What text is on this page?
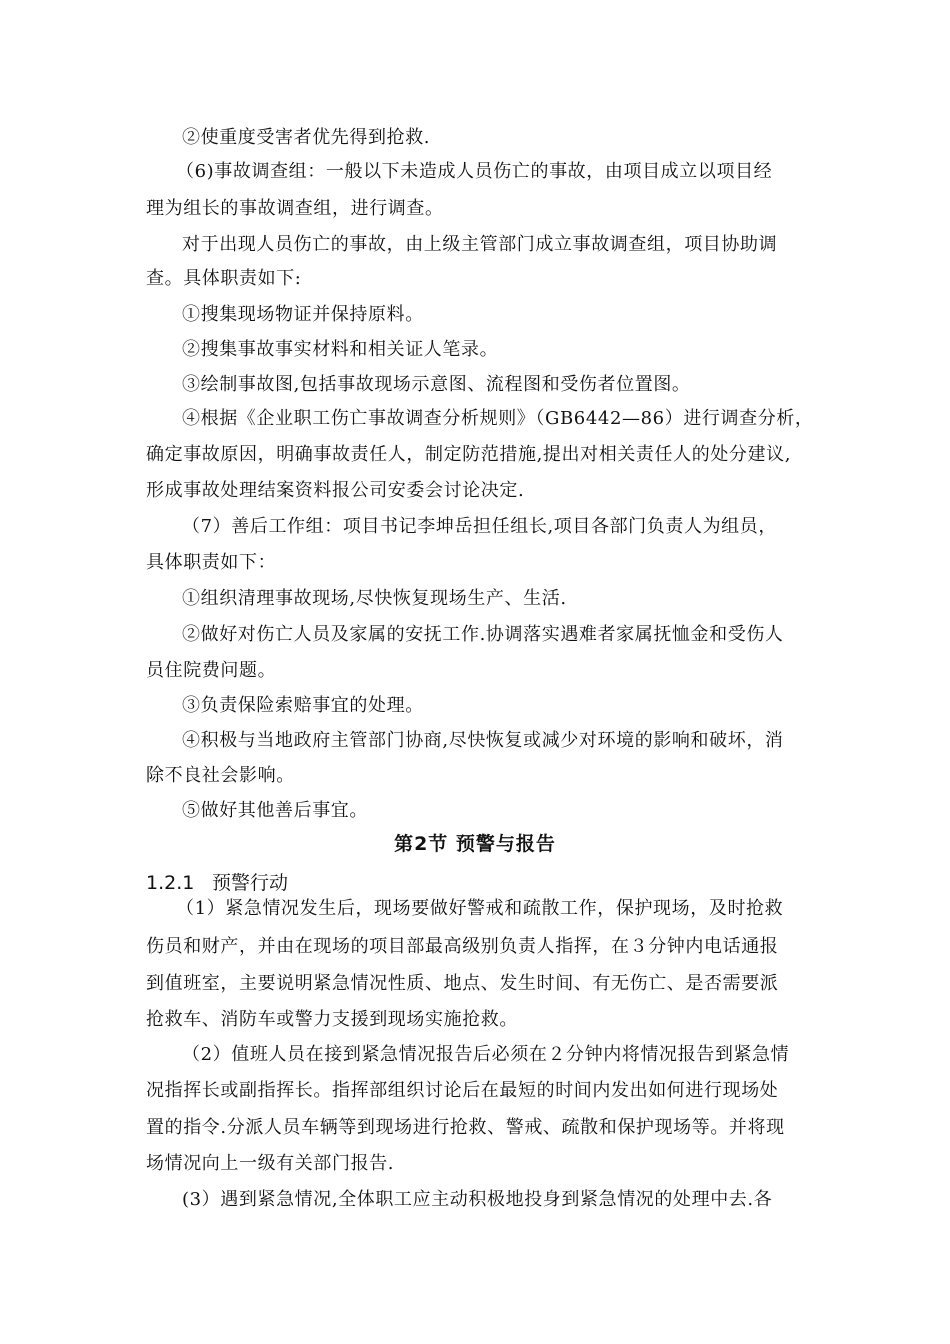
②使重度受害者优先得到抢救.
（6)事故调查组：一般以下未造成人员伤亡的事故，由项目成立以项目经
理为组长的事故调查组，进行调查。
对于出现人员伤亡的事故，由上级主管部门成立事故调查组，项目协助调
查。具体职责如下:
①搜集现场物证并保持原料。
②搜集事故事实材料和相关证人笔录。
③绘制事故图,包括事故现场示意图、流程图和受伤者位置图。
④根据《企业职工伤亡事故调查分析规则》（GB6442—86）进行调查分析，
确定事故原因，明确事故责任人，制定防范措施,提出对相关责任人的处分建议,
形成事故处理结案资料报公司安委会讨论决定.
（7）善后工作组：项目书记李坤岳担任组长,项目各部门负责人为组员，
具体职责如下：
①组织清理事故现场,尽快恢复现场生产、生活.
②做好对伤亡人员及家属的安抚工作.协调落实遇难者家属抚恤金和受伤人
员住院费问题。
③负责保险索赔事宜的处理。
④积极与当地政府主管部门协商,尽快恢复或减少对环境的影响和破坏，消
除不良社会影响。
⑤做好其他善后事宜。
第2节 预警与报告
1.2.1 预警行动
（1）紧急情况发生后，现场要做好警戒和疏散工作，保护现场，及时抢救
伤员和财产，并由在现场的项目部最高级别负责人指挥，在３分钟内电话通报
到值班室，主要说明紧急情况性质、地点、发生时间、有无伤亡、是否需要派
抢救车、消防车或警力支援到现场实施抢救。
（2）值班人员在接到紧急情况报告后必须在２分钟内将情况报告到紧急情
况指挥长或副指挥长。指挥部组织讨论后在最短的时间内发出如何进行现场处
置的指令.分派人员车辆等到现场进行抢救、警戒、疏散和保护现场等。并将现
场情况向上一级有关部门报告.
(3）遇到紧急情况,全体职工应主动积极地投身到紧急情况的处理中去.各
